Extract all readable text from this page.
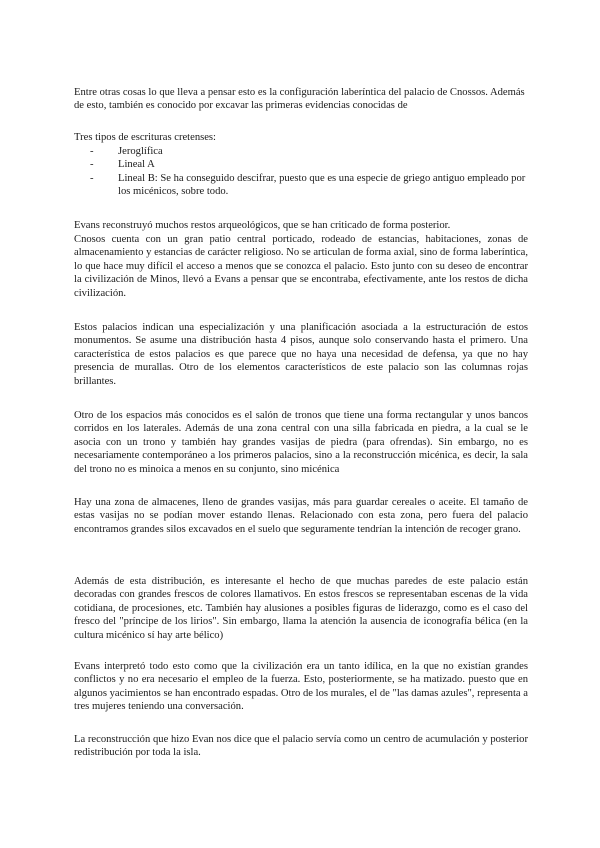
Entre otras cosas lo que lleva a pensar esto es la configuración laberíntica del palacio de Cnossos. Además de esto, también es conocido por excavar las primeras evidencias conocidas de

Tres tipos de escrituras cretenses:

- Jeroglífica
- Lineal A
- Lineal B: Se ha conseguido descifrar, puesto que es una especie de griego antiguo empleado por los micénicos, sobre todo.

Evans reconstruyó muchos restos arqueológicos, que se han criticado de forma posterior.

Cnosos cuenta con un gran patio central porticado, rodeado de estancias, habitaciones, zonas de almacenamiento y estancias de carácter religioso. No se articulan de forma axial, sino de forma laberíntica, lo que hace muy difícil el acceso a menos que se conozca el palacio. Esto junto con su deseo de encontrar la civilización de Minos, llevó a Evans a pensar que se encontraba, efectivamente, ante los restos de dicha civilización.

Estos palacios indican una especialización y una planificación asociada a la estructuración de estos monumentos. Se asume una distribución hasta 4 pisos, aunque solo conservando hasta el primero. Una característica de estos palacios es que parece que no haya una necesidad de defensa, ya que no hay presencia de murallas. Otro de los elementos característicos de este palacio son las columnas rojas brillantes.

Otro de los espacios más conocidos es el salón de tronos que tiene una forma rectangular y unos bancos corridos en los laterales. Además de una zona central con una silla fabricada en piedra, a la cual se le asocia con un trono y también hay grandes vasijas de piedra (para ofrendas). Sin embargo, no es necesariamente contemporáneo a los primeros palacios, sino a la reconstrucción micénica, es decir, la sala del trono no es minoica a menos en su conjunto, sino micénica

Hay una zona de almacenes, lleno de grandes vasijas, más para guardar cereales o aceite. El tamaño de estas vasijas no se podían mover estando llenas. Relacionado con esta zona, pero fuera del palacio encontramos grandes silos excavados en el suelo que seguramente tendrían la intención de recoger grano.

Además de esta distribución, es interesante el hecho de que muchas paredes de este palacio están decoradas con grandes frescos de colores llamativos. En estos frescos se representaban escenas de la vida cotidiana, de procesiones, etc. También hay alusiones a posibles figuras de liderazgo, como es el caso del fresco del "príncipe de los lirios". Sin embargo, llama la atención la ausencia de iconografía bélica (en la cultura micénico sí hay arte bélico)

Evans interpretó todo esto como que la civilización era un tanto idílica, en la que no existían grandes conflictos y no era necesario el empleo de la fuerza. Esto, posteriormente, se ha matizado. puesto que en algunos yacimientos se han encontrado espadas. Otro de los murales, el de "las damas azules", representa a tres mujeres teniendo una conversación.

La reconstrucción que hizo Evan nos dice que el palacio servía como un centro de acumulación y posterior redistribución por toda la isla.
